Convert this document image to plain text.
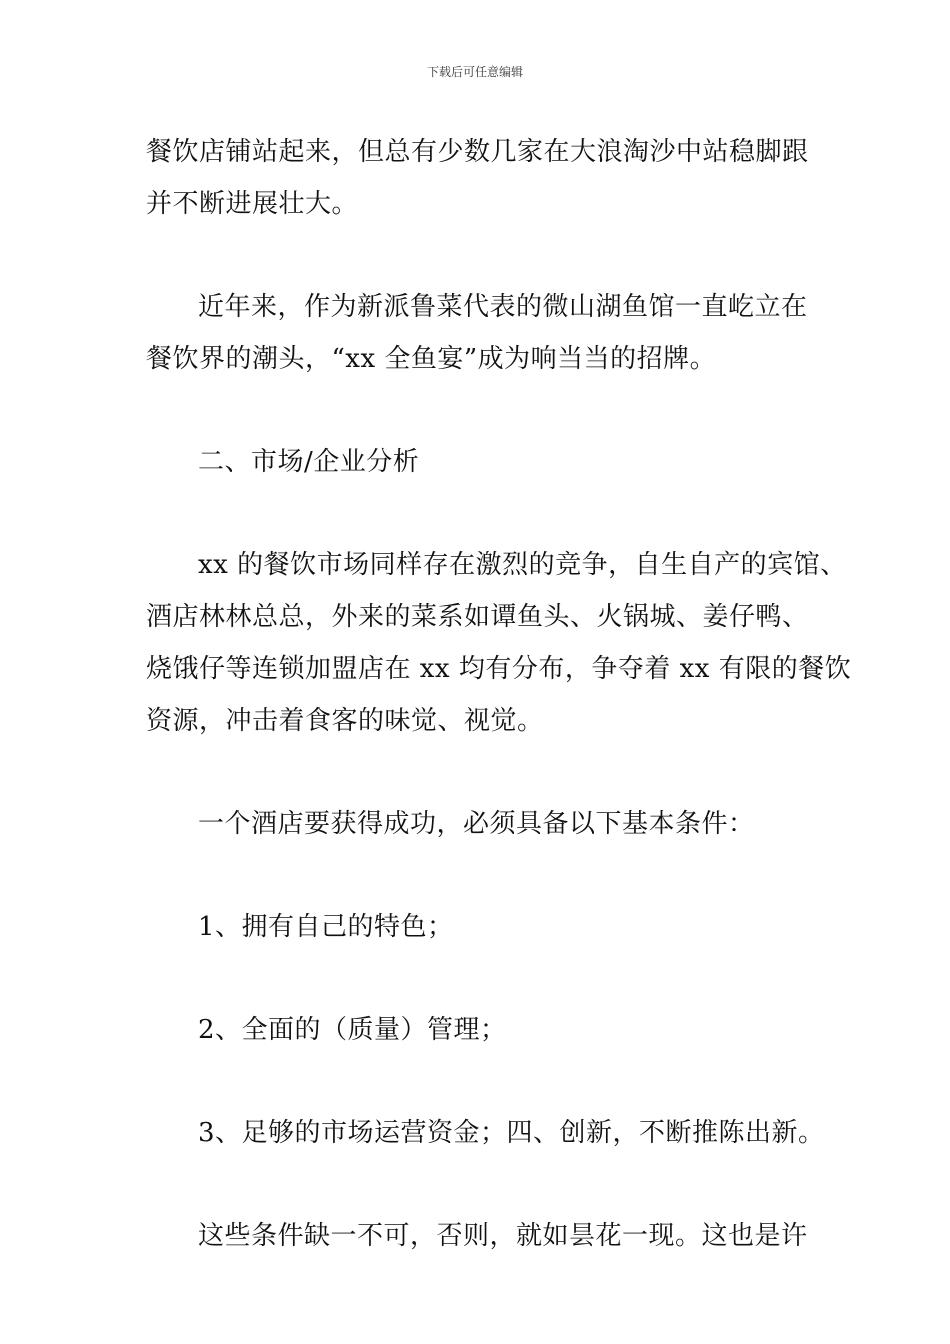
下载后可任意编辑

餐饮店铺站起来，但总有少数几家在大浪淘沙中站稳脚跟

并不断进展壮大。

近年来，作为新派鲁菜代表的微山湖鱼馆一直屹立在

餐饮界的潮头，“xx 全鱼宴”成为响当当的招牌。

二、市场/企业分析

xx 的餐饮市场同样存在激烈的竞争，自生自产的宾馆、

酒店林林总总，外来的菜系如谭鱼头、火锅城、姜仔鸭、

烧饿仔等连锁加盟店在 xx 均有分布，争夺着 xx 有限的餐饮

资源，冲击着食客的味觉、视觉。

一个酒店要获得成功，必须具备以下基本条件：

1、拥有自己的特色；

2、全面的（质量）管理；

3、足够的市场运营资金；四、创新，不断推陈出新。

这些条件缺一不可，否则，就如昙花一现。这也是许
